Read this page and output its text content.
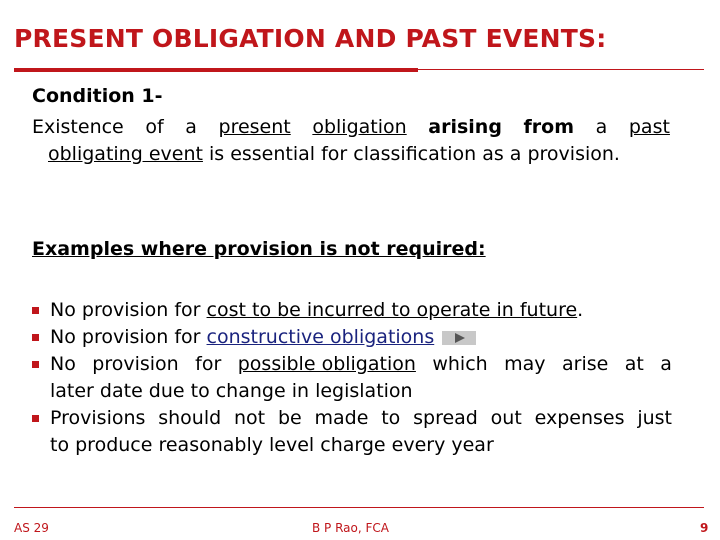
PRESENT OBLIGATION AND PAST EVENTS:
Condition 1-
Existence of a present obligation arising from a past
obligating event is essential for classification as a provision.
Examples where provision is not required:
No provision for cost to be incurred to operate in future.
No provision for constructive obligations
No provision for possible obligation which may arise at a
later date due to change in legislation
Provisions should not be made to spread out expenses just
to produce reasonably level charge every year
AS 29	B P Rao, FCA	9
